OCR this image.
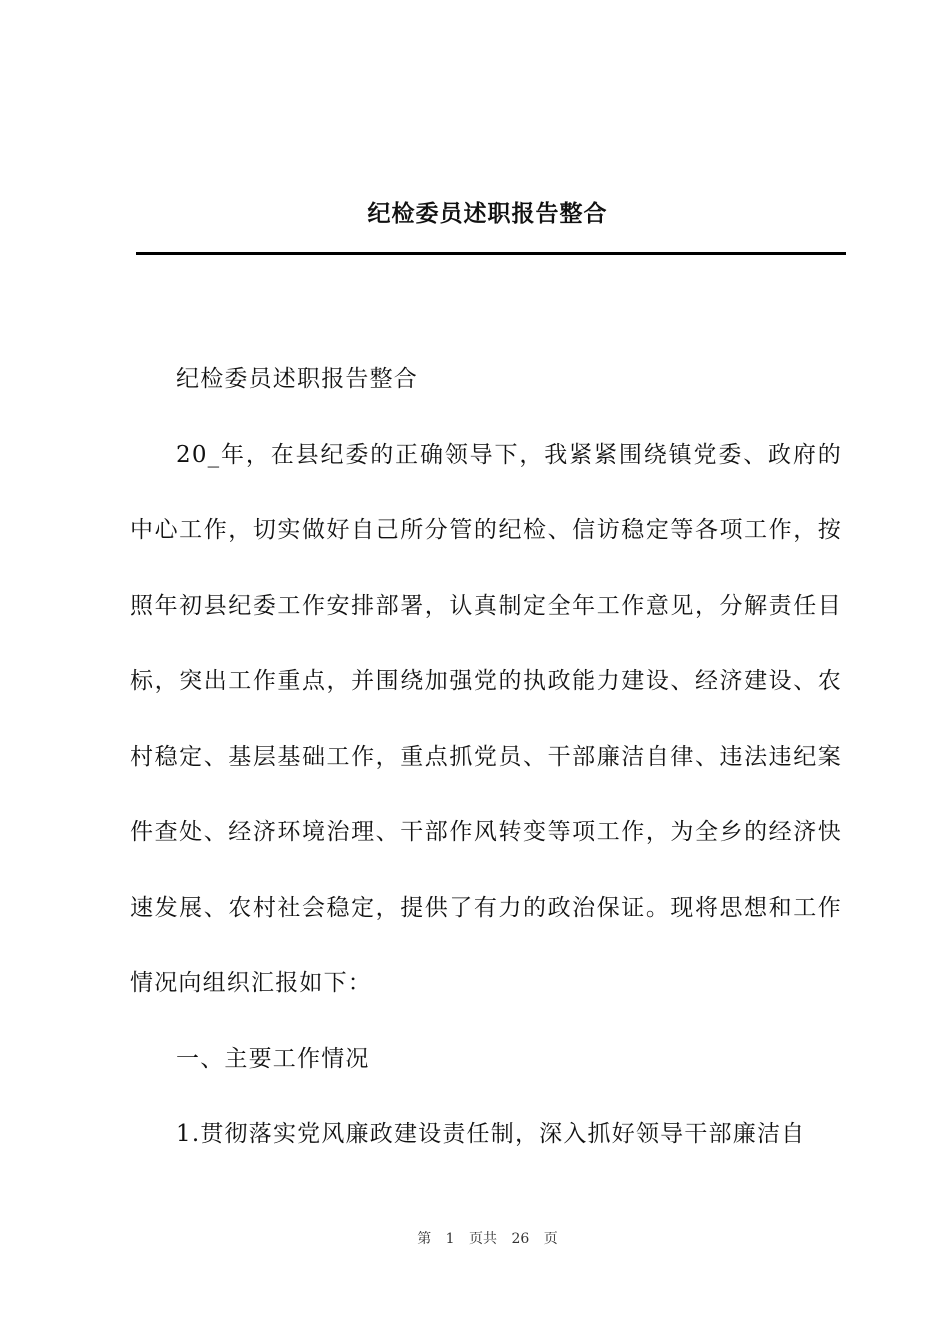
纪检委员述职报告整合

纪检委员述职报告整合

20_年，在县纪委的正确领导下，我紧紧围绕镇党委、政府的中心工作，切实做好自己所分管的纪检、信访稳定等各项工作，按照年初县纪委工作安排部署，认真制定全年工作意见，分解责任目标，突出工作重点，并围绕加强党的执政能力建设、经济建设、农村稳定、基层基础工作，重点抓党员、干部廉洁自律、违法违纪案件查处、经济环境治理、干部作风转变等项工作，为全乡的经济快速发展、农村社会稳定，提供了有力的政治保证。现将思想和工作情况向组织汇报如下：

一、主要工作情况

1.贯彻落实党风廉政建设责任制，深入抓好领导干部廉洁自

第 1 页共 26 页
